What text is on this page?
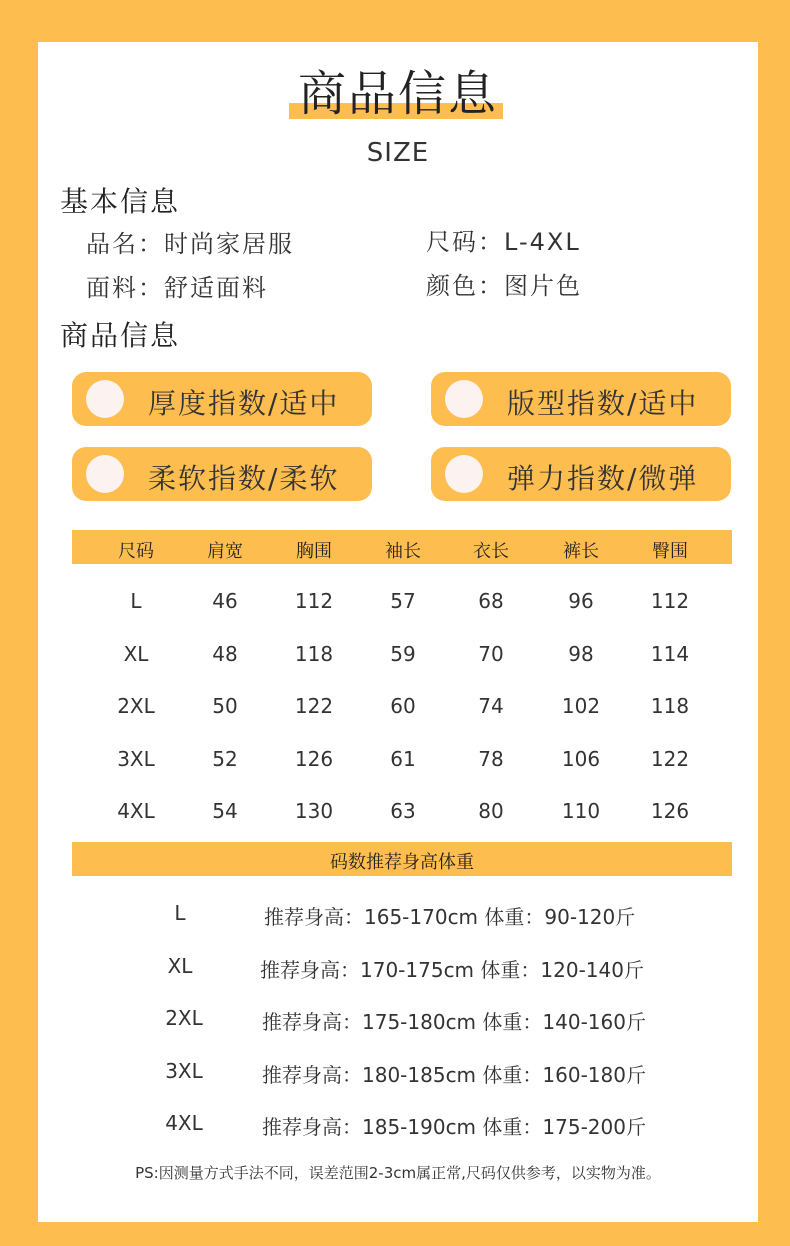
商品信息
SIZE
基本信息
品名：时尚家居服	尺码：L-4XL
面料：舒适面料	颜色：图片色
商品信息
厚度指数/适中	版型指数/适中
柔软指数/柔软	弹力指数/微弹
尺码	肩宽	胸围	袖长	衣长	裤长	臀围
L	46	112	57	68	96	112
XL	48	118	59	70	98	114
2XL	50	122	60	74	102	118
3XL	52	126	61	78	106	122
4XL	54	130	63	80	110	126
码数推荐身高体重
L	推荐身高：165-170cm 体重：90-120斤
XL	推荐身高：170-175cm 体重：120-140斤
2XL	推荐身高：175-180cm 体重：140-160斤
3XL	推荐身高：180-185cm 体重：160-180斤
4XL	推荐身高：185-190cm 体重：175-200斤
PS:因测量方式手法不同，误差范围2-3cm属正常,尺码仅供参考，以实物为准。
